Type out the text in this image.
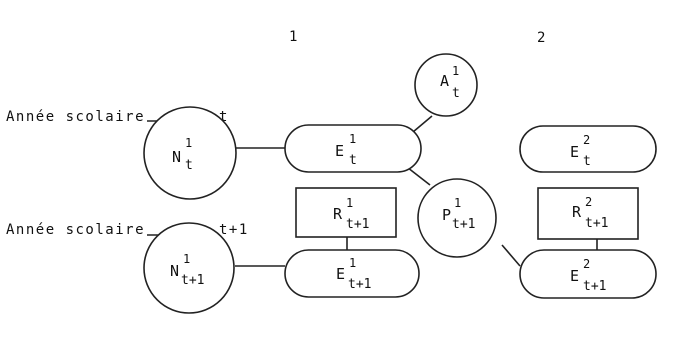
1	2
Année scolaire	t
Année scolaire	t+1
N
1
t
E
1
t
A
1
t
E
2
t
R
1
t+1
P
1
t+1
R
2
t+1
N
1
t+1	E
1
t+1	E
2
t+1
